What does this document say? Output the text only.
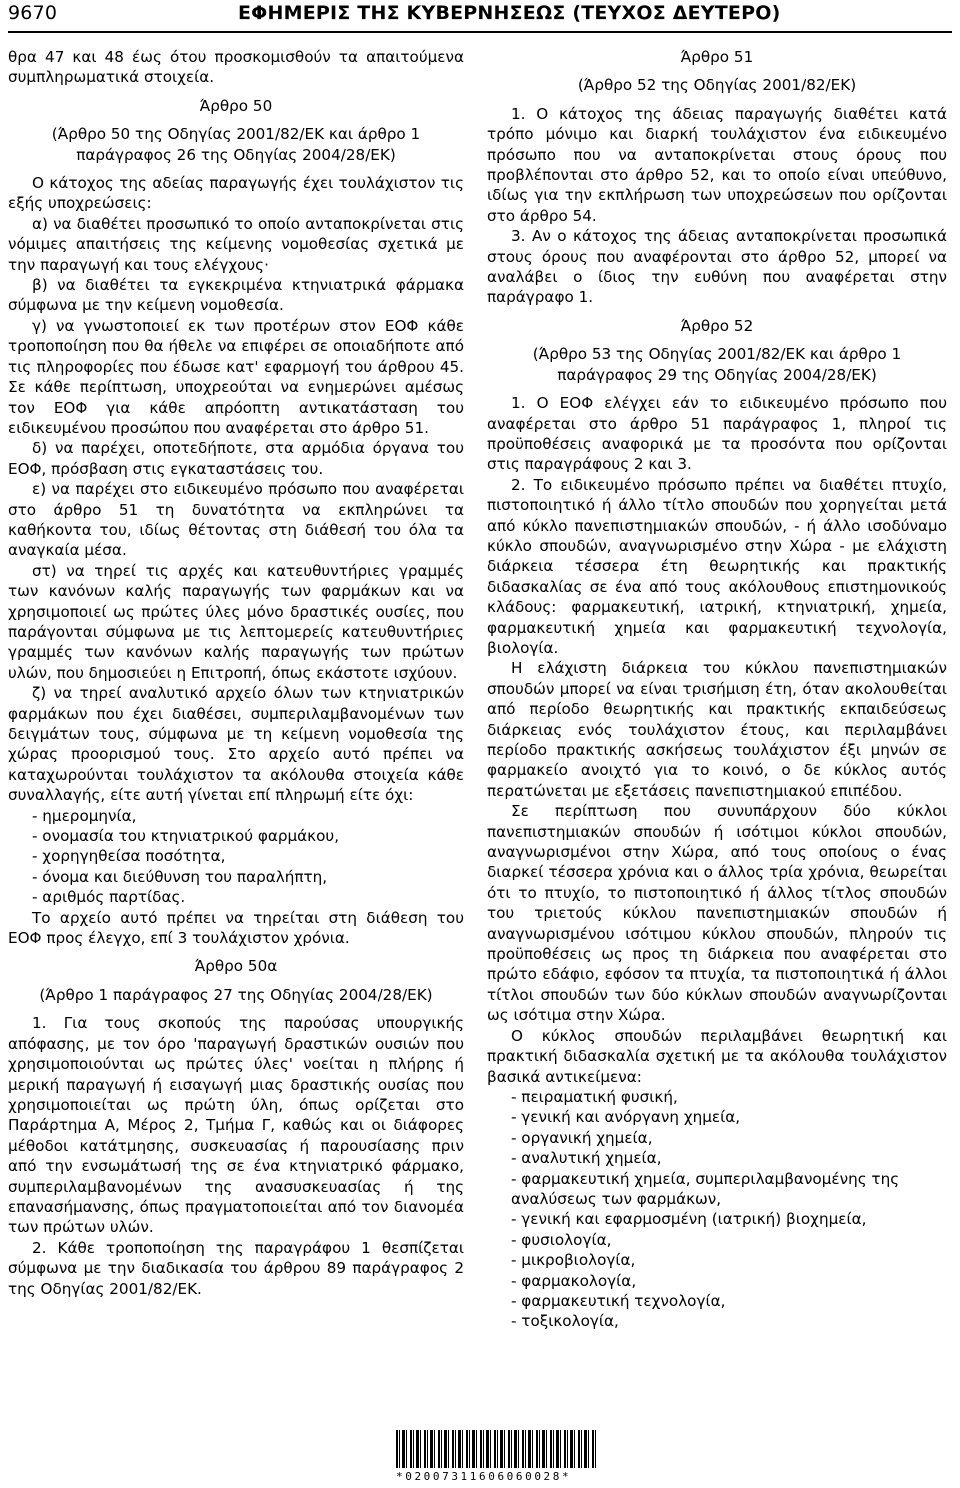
9670	ΕΦΗΜΕΡΙΣ ΤΗΣ ΚΥΒΕΡΝΗΣΕΩΣ (ΤΕΥΧΟΣ ΔΕΥΤΕΡΟ)

θρα 47 και 48 έως ότου προσκομισθούν τα απαιτούμενα συμπληρωματικά στοιχεία.

Άρθρο 50

(Άρθρο 50 της Οδηγίας 2001/82/ΕΚ και άρθρο 1 παράγραφος 26 της Οδηγίας 2004/28/ΕΚ)

Ο κάτοχος της αδείας παραγωγής έχει τουλάχιστον τις εξής υποχρεώσεις:

α) να διαθέτει προσωπικό το οποίο ανταποκρίνεται στις νόμιμες απαιτήσεις της κείμενης νομοθεσίας σχετικά με την παραγωγή και τους ελέγχους·

β) να διαθέτει τα εγκεκριμένα κτηνιατρικά φάρμακα σύμφωνα με την κείμενη νομοθεσία.

γ) να γνωστοποιεί εκ των προτέρων στον ΕΟΦ κάθε τροποποίηση που θα ήθελε να επιφέρει σε οποιαδήποτε από τις πληροφορίες που έδωσε κατ' εφαρμογή του άρθρου 45. Σε κάθε περίπτωση, υποχρεούται να ενημερώνει αμέσως τον ΕΟΦ για κάθε απρόοπτη αντικατάσταση του ειδικευμένου προσώπου που αναφέρεται στο άρθρο 51.

δ) να παρέχει, οποτεδήποτε, στα αρμόδια όργανα του ΕΟΦ, πρόσβαση στις εγκαταστάσεις του.

ε) να παρέχει στο ειδικευμένο πρόσωπο που αναφέρεται στο άρθρο 51 τη δυνατότητα να εκπληρώνει τα καθήκοντα του, ιδίως θέτοντας στη διάθεσή του όλα τα αναγκαία μέσα.

στ) να τηρεί τις αρχές και κατευθυντήριες γραμμές των κανόνων καλής παραγωγής των φαρμάκων και να χρησιμοποιεί ως πρώτες ύλες μόνο δραστικές ουσίες, που παράγονται σύμφωνα με τις λεπτομερείς κατευθυντήριες γραμμές των κανόνων καλής παραγωγής των πρώτων υλών, που δημοσιεύει η Επιτροπή, όπως εκάστοτε ισχύουν.

ζ) να τηρεί αναλυτικό αρχείο όλων των κτηνιατρικών φαρμάκων που έχει διαθέσει, συμπεριλαμβανομένων των δειγμάτων τους, σύμφωνα με τη κείμενη νομοθεσία της χώρας προορισμού τους. Στο αρχείο αυτό πρέπει να καταχωρούνται τουλάχιστον τα ακόλουθα στοιχεία κάθε συναλλαγής, είτε αυτή γίνεται επί πληρωμή είτε όχι:

- ημερομηνία,

- ονομασία του κτηνιατρικού φαρμάκου,

- χορηγηθείσα ποσότητα,

- όνομα και διεύθυνση του παραλήπτη,

- αριθμός παρτίδας.

Το αρχείο αυτό πρέπει να τηρείται στη διάθεση του ΕΟΦ προς έλεγχο, επί 3 τουλάχιστον χρόνια.

Άρθρο 50α

(Άρθρο 1 παράγραφος 27 της Οδηγίας 2004/28/ΕΚ)

1. Για τους σκοπούς της παρούσας υπουργικής απόφασης, με τον όρο 'παραγωγή δραστικών ουσιών που χρησιμοποιούνται ως πρώτες ύλες' νοείται η πλήρης ή μερική παραγωγή ή εισαγωγή μιας δραστικής ουσίας που χρησιμοποιείται ως πρώτη ύλη, όπως ορίζεται στο Παράρτημα Α, Μέρος 2, Τμήμα Γ, καθώς και οι διάφορες μέθοδοι κατάτμησης, συσκευασίας ή παρουσίασης πριν από την ενσωμάτωσή της σε ένα κτηνιατρικό φάρμακο, συμπεριλαμβανομένων της ανασυσκευασίας ή της επανασήμανσης, όπως πραγματοποιείται από τον διανομέα των πρώτων υλών.

2. Κάθε τροποποίηση της παραγράφου 1 θεσπίζεται σύμφωνα με την διαδικασία του άρθρου 89 παράγραφος 2 της Οδηγίας 2001/82/ΕΚ.

Άρθρο 51

(Άρθρο 52 της Οδηγίας 2001/82/ΕΚ)

1. Ο κάτοχος της άδειας παραγωγής διαθέτει κατά τρόπο μόνιμο και διαρκή τουλάχιστον ένα ειδικευμένο πρόσωπο που να ανταποκρίνεται στους όρους που προβλέπονται στο άρθρο 52, και το οποίο είναι υπεύθυνο, ιδίως για την εκπλήρωση των υποχρεώσεων που ορίζονται στο άρθρο 54.

3. Αν ο κάτοχος της άδειας ανταποκρίνεται προσωπικά στους όρους που αναφέρονται στο άρθρο 52, μπορεί να αναλάβει ο ίδιος την ευθύνη που αναφέρεται στην παράγραφο 1.

Άρθρο 52

(Άρθρο 53 της Οδηγίας 2001/82/ΕΚ και άρθρο 1 παράγραφος 29 της Οδηγίας 2004/28/ΕΚ)

1. Ο ΕΟΦ ελέγχει εάν το ειδικευμένο πρόσωπο που αναφέρεται στο άρθρο 51 παράγραφος 1, πληροί τις προϋποθέσεις αναφορικά με τα προσόντα που ορίζονται στις παραγράφους 2 και 3.

2. Το ειδικευμένο πρόσωπο πρέπει να διαθέτει πτυχίο, πιστοποιητικό ή άλλο τίτλο σπουδών που χορηγείται μετά από κύκλο πανεπιστημιακών σπουδών, - ή άλλο ισοδύναμο κύκλο σπουδών, αναγνωρισμένο στην Χώρα - με ελάχιστη διάρκεια τέσσερα έτη θεωρητικής και πρακτικής διδασκαλίας σε ένα από τους ακόλουθους επιστημονικούς κλάδους: φαρμακευτική, ιατρική, κτηνιατρική, χημεία, φαρμακευτική χημεία και φαρμακευτική τεχνολογία, βιολογία.

Η ελάχιστη διάρκεια του κύκλου πανεπιστημιακών σπουδών μπορεί να είναι τρισήμιση έτη, όταν ακολουθείται από περίοδο θεωρητικής και πρακτικής εκπαιδεύσεως διάρκειας ενός τουλάχιστον έτους, και περιλαμβάνει περίοδο πρακτικής ασκήσεως τουλάχιστον έξι μηνών σε φαρμακείο ανοιχτό για το κοινό, ο δε κύκλος αυτός περατώνεται με εξετάσεις πανεπιστημιακού επιπέδου.

Σε περίπτωση που συνυπάρχουν δύο κύκλοι πανεπιστημιακών σπουδών ή ισότιμοι κύκλοι σπουδών, αναγνωρισμένοι στην Χώρα, από τους οποίους ο ένας διαρκεί τέσσερα χρόνια και ο άλλος τρία χρόνια, θεωρείται ότι το πτυχίο, το πιστοποιητικό ή άλλος τίτλος σπουδών του τριετούς κύκλου πανεπιστημιακών σπουδών ή αναγνωρισμένου ισότιμου κύκλου σπουδών, πληρούν τις προϋποθέσεις ως προς τη διάρκεια που αναφέρεται στο πρώτο εδάφιο, εφόσον τα πτυχία, τα πιστοποιητικά ή άλλοι τίτλοι σπουδών των δύο κύκλων σπουδών αναγνωρίζονται ως ισότιμα στην Χώρα.

Ο κύκλος σπουδών περιλαμβάνει θεωρητική και πρακτική διδασκαλία σχετική με τα ακόλουθα τουλάχιστον βασικά αντικείμενα:

- πειραματική φυσική,

- γενική και ανόργανη χημεία,

- οργανική χημεία,

- αναλυτική χημεία,

- φαρμακευτική χημεία, συμπεριλαμβανομένης της αναλύσεως των φαρμάκων,

- γενική και εφαρμοσμένη (ιατρική) βιοχημεία,

- φυσιολογία,

- μικροβιολογία,

- φαρμακολογία,

- φαρμακευτική τεχνολογία,

- τοξικολογία,

*02007311606060028*
